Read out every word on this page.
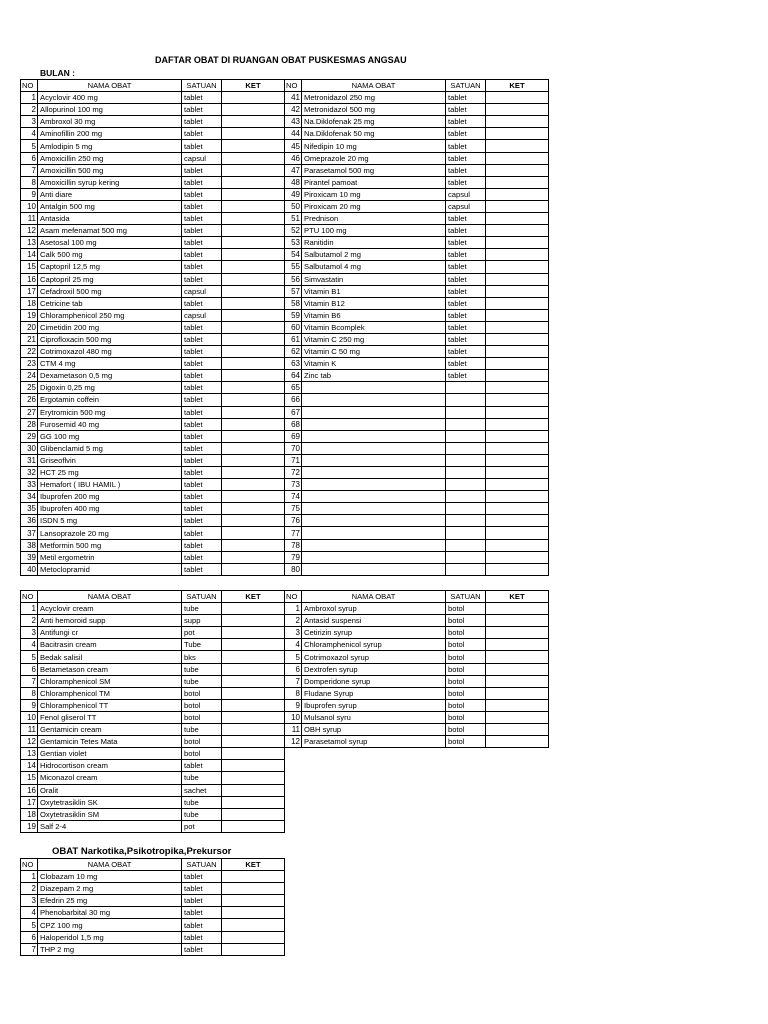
DAFTAR OBAT DI RUANGAN OBAT PUSKESMAS ANGSAU
BULAN :
OBAT Narkotika,Psikotropika,Prekursor
NO	NAMA OBAT	SATUAN	KET
1	Acyclovir 400 mg	tablet	
2	Allopurinol 100 mg	tablet	
3	Ambroxol 30 mg	tablet	
4	Aminofillin 200 mg	tablet	
5	Amlodipin 5 mg	tablet	
6	Amoxicillin 250 mg	capsul	
7	Amoxicillin 500 mg	tablet	
8	Amoxicillin syrup kering	tablet	
9	Anti diare	tablet	
10	Antalgin 500 mg	tablet	
11	Antasida	tablet	
12	Asam mefenamat 500 mg	tablet	
13	Asetosal 100 mg	tablet	
14	Calk 500 mg	tablet	
15	Captopril 12,5 mg	tablet	
16	Captopril 25 mg	tablet	
17	Cefadroxil 500 mg	capsul	
18	Cetricine tab	tablet	
19	Chloramphenicol 250 mg	capsul	
20	Cimetidin 200 mg	tablet	
21	Ciprofloxacin 500 mg	tablet	
22	Cotrimoxazol 480 mg	tablet	
23	CTM 4 mg	tablet	
24	Dexametason 0,5 mg	tablet	
25	Digoxin 0,25 mg	tablet	
26	Ergotamin coffein	tablet	
27	Erytromicin 500 mg	tablet	
28	Furosemid 40 mg	tablet	
29	GG 100 mg	tablet	
30	Glibenclamid 5 mg	tablet	
31	Griseoflvin	tablet	
32	HCT 25 mg	tablet	
33	Hemafort ( IBU HAMIL )	tablet	
34	Ibuprofen 200 mg	tablet	
35	Ibuprofen 400 mg	tablet	
36	ISDN 5 mg	tablet	
37	Lansoprazole 20 mg	tablet	
38	Metformin 500 mg	tablet	
39	Metil ergometrin	tablet	
40	Metoclopramid	tablet	
NO	NAMA OBAT	SATUAN	KET
41	Metronidazol 250 mg	tablet	
42	Metronidazol 500 mg	tablet	
43	Na.Diklofenak 25 mg	tablet	
44	Na.Diklofenak 50 mg	tablet	
45	Nifedipin 10 mg	tablet	
46	Omeprazole 20 mg	tablet	
47	Parasetamol 500 mg	tablet	
48	Pirantel pamoat	tablet	
49	Piroxicam 10 mg	capsul	
50	Piroxicam 20 mg	capsul	
51	Prednison	tablet	
52	PTU 100 mg	tablet	
53	Ranitidin	tablet	
54	Salbutamol 2 mg	tablet	
55	Salbutamol 4 mg	tablet	
56	Simvastatin	tablet	
57	Vitamin B1	tablet	
58	Vitamin B12	tablet	
59	Vitamin B6	tablet	
60	Vitamin Bcomplek	tablet	
61	Vitamin C 250 mg	tablet	
62	Vitamin C 50 mg	tablet	
63	Vitamin K	tablet	
64	Zinc tab	tablet	
65			
66			
67			
68			
69			
70			
71			
72			
73			
74			
75			
76			
77			
78			
79			
80			
NO	NAMA OBAT	SATUAN	KET
1	Acyclovir cream	tube	
2	Anti hemoroid supp	supp	
3	Antifungi cr	pot	
4	Bacitrasin cream	Tube	
5	Bedak salisil	bks	
6	Betametason cream	tube	
7	Chloramphenicol SM	tube	
8	Chloramphenicol TM	botol	
9	Chloramphenicol TT	botol	
10	Fenol gliserol TT	botol	
11	Gentamicin cream	tube	
12	Gentamicin Tetes Mata	botol	
13	Gentian violet	botol	
14	Hidrocortison cream	tablet	
15	Miconazol cream	tube	
16	Oralit	sachet	
17	Oxytetrasiklin SK	tube	
18	Oxytetrasiklin SM	tube	
19	Salf 2-4	pot	
NO	NAMA OBAT	SATUAN	KET
1	Ambroxol syrup	botol	
2	Antasid suspensi	botol	
3	Cetirizin syrup	botol	
4	Chloramphenicol syrup	botol	
5	Cotrimoxazol syrup	botol	
6	Dextrofen syrup	botol	
7	Domperidone syrup	botol	
8	Fludane Syrup	botol	
9	Ibuprofen syrup	botol	
10	Mulsanol syru	botol	
11	OBH syrup	botol	
12	Parasetamol syrup	botol	
NO	NAMA OBAT	SATUAN	KET
1	Clobazam 10 mg	tablet	
2	Diazepam 2 mg	tablet	
3	Efedrin 25 mg	tablet	
4	Phenobarbital 30 mg	tablet	
5	CPZ 100 mg	tablet	
6	Haloperidol 1,5 mg	tablet	
7	THP 2 mg	tablet	
